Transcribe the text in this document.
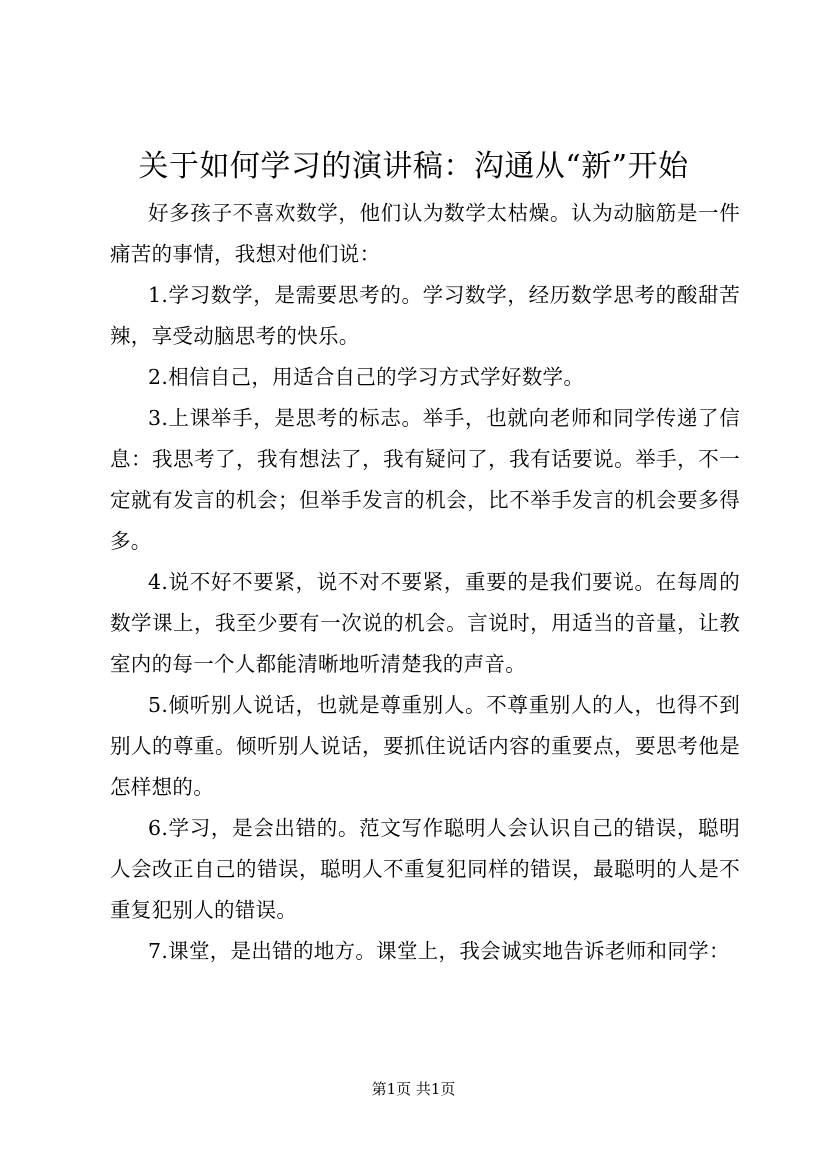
关于如何学习的演讲稿：沟通从“新”开始

好多孩子不喜欢数学，他们认为数学太枯燥。认为动脑筋是一件痛苦的事情，我想对他们说：

1.学习数学，是需要思考的。学习数学，经历数学思考的酸甜苦辣，享受动脑思考的快乐。

2.相信自己，用适合自己的学习方式学好数学。

3.上课举手，是思考的标志。举手，也就向老师和同学传递了信息：我思考了，我有想法了，我有疑问了，我有话要说。举手，不一定就有发言的机会；但举手发言的机会，比不举手发言的机会要多得多。

4.说不好不要紧，说不对不要紧，重要的是我们要说。在每周的数学课上，我至少要有一次说的机会。言说时，用适当的音量，让教室内的每一个人都能清晰地听清楚我的声音。

5.倾听别人说话，也就是尊重别人。不尊重别人的人，也得不到别人的尊重。倾听别人说话，要抓住说话内容的重要点，要思考他是怎样想的。

6.学习，是会出错的。范文写作聪明人会认识自己的错误，聪明人会改正自己的错误，聪明人不重复犯同样的错误，最聪明的人是不重复犯别人的错误。

7.课堂，是出错的地方。课堂上，我会诚实地告诉老师和同学：

第1页 共1页
